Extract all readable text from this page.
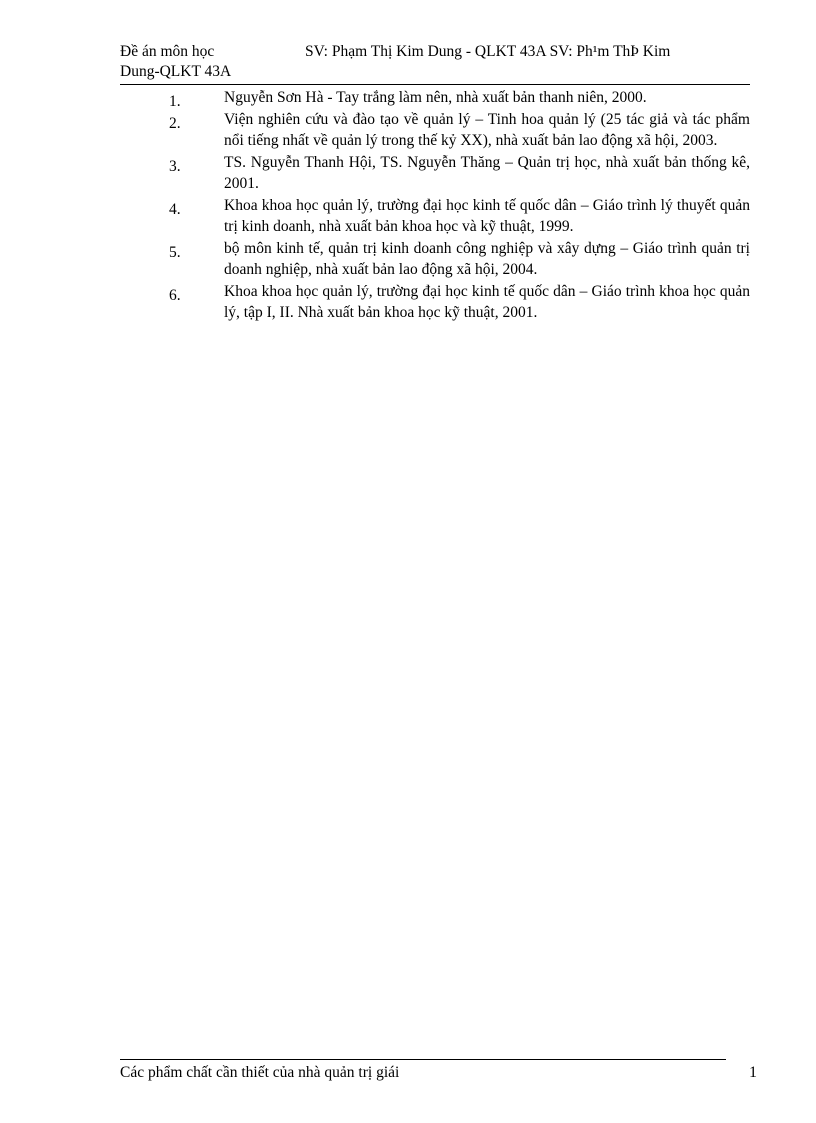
Đề án môn học	SV: Phạm Thị Kim Dung - QLKT 43A SV: Ph¹m ThÞ Kim
Dung-QLKT 43A
1.	Nguyễn Sơn Hà - Tay trắng làm nên, nhà xuất bản thanh niên, 2000.
2.	Viện nghiên cứu và đào tạo về quản lý – Tinh hoa quản lý (25 tác giả và tác phẩm nổi tiếng nhất về quản lý trong thế kỷ XX), nhà xuất bản lao động xã hội, 2003.
3.	TS. Nguyễn Thanh Hội, TS. Nguyễn Thăng – Quản trị học, nhà xuất bản thống kê, 2001.
4.	Khoa khoa học quản lý, trường đại học kinh tế quốc dân – Giáo trình lý thuyết quản trị kinh doanh, nhà xuất bản khoa học và kỹ thuật, 1999.
5.	bộ môn kinh tế, quản trị kinh doanh công nghiệp và xây dựng – Giáo trình quản trị doanh nghiệp, nhà xuất bản lao động xã hội, 2004.
6.	Khoa khoa học quản lý, trường đại học kinh tế quốc dân – Giáo trình khoa học quản lý, tập I, II. Nhà xuất bản khoa học kỹ thuật, 2001.
Các phẩm chất cần thiết của nhà quản trị giái	1
